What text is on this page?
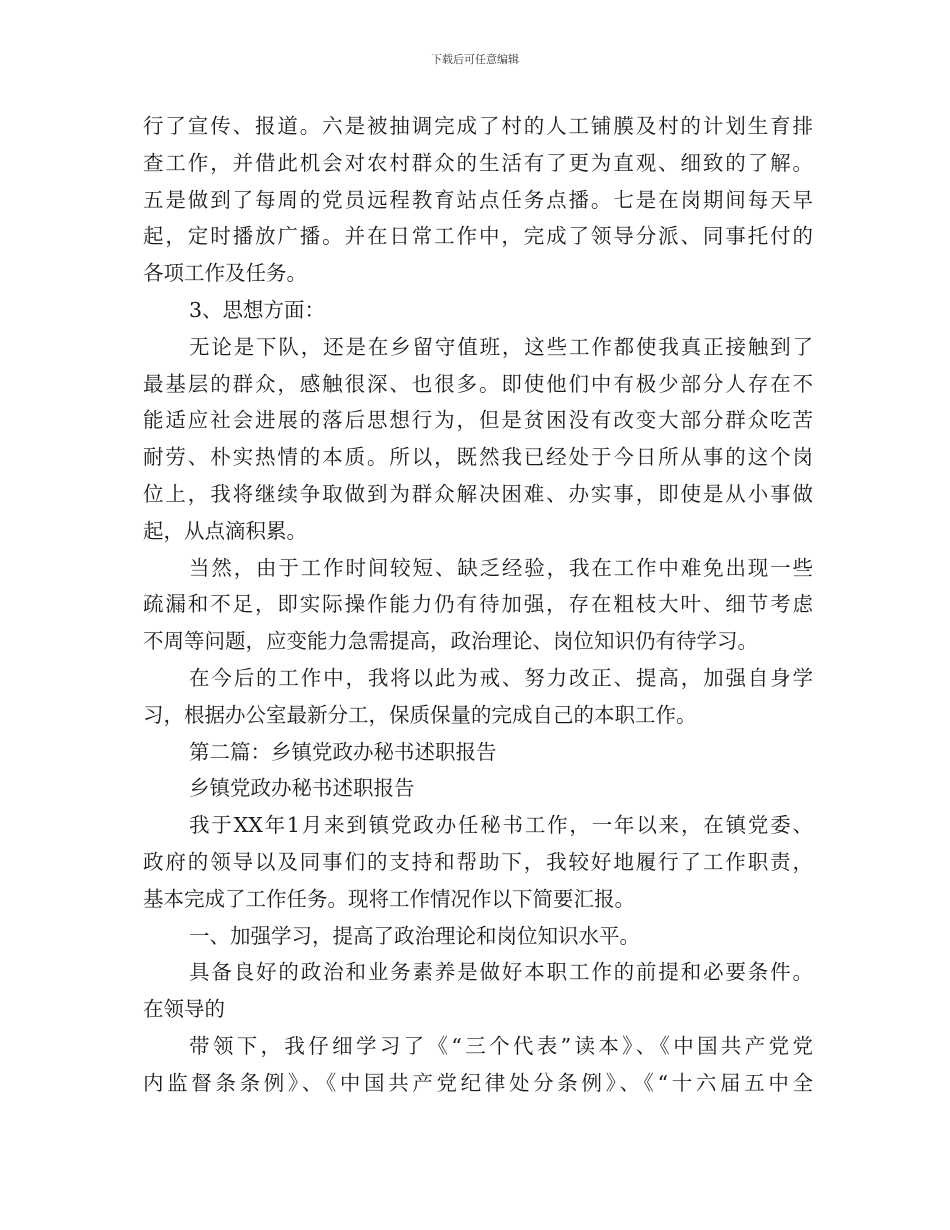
下载后可任意编辑
行了宣传、报道。六是被抽调完成了村的人工铺膜及村的计划生育排
查工作，并借此机会对农村群众的生活有了更为直观、细致的了解。
五是做到了每周的党员远程教育站点任务点播。七是在岗期间每天早
起，定时播放广播。并在日常工作中，完成了领导分派、同事托付的
各项工作及任务。
3、思想方面：
无论是下队，还是在乡留守值班，这些工作都使我真正接触到了
最基层的群众，感触很深、也很多。即使他们中有极少部分人存在不
能适应社会进展的落后思想行为，但是贫困没有改变大部分群众吃苦
耐劳、朴实热情的本质。所以，既然我已经处于今日所从事的这个岗
位上，我将继续争取做到为群众解决困难、办实事，即使是从小事做
起，从点滴积累。
当然，由于工作时间较短、缺乏经验，我在工作中难免出现一些
疏漏和不足，即实际操作能力仍有待加强，存在粗枝大叶、细节考虑
不周等问题，应变能力急需提高，政治理论、岗位知识仍有待学习。
在今后的工作中，我将以此为戒、努力改正、提高，加强自身学
习，根据办公室最新分工，保质保量的完成自己的本职工作。
第二篇：乡镇党政办秘书述职报告
乡镇党政办秘书述职报告
我于XX年1月来到镇党政办任秘书工作，一年以来，在镇党委、
政府的领导以及同事们的支持和帮助下，我较好地履行了工作职责，
基本完成了工作任务。现将工作情况作以下简要汇报。
一、加强学习，提高了政治理论和岗位知识水平。
具备良好的政治和业务素养是做好本职工作的前提和必要条件。
在领导的
带领下，我仔细学习了《“三个代表”读本》、《中国共产党党
内监督条条例》、《中国共产党纪律处分条例》、《“十六届五中全
